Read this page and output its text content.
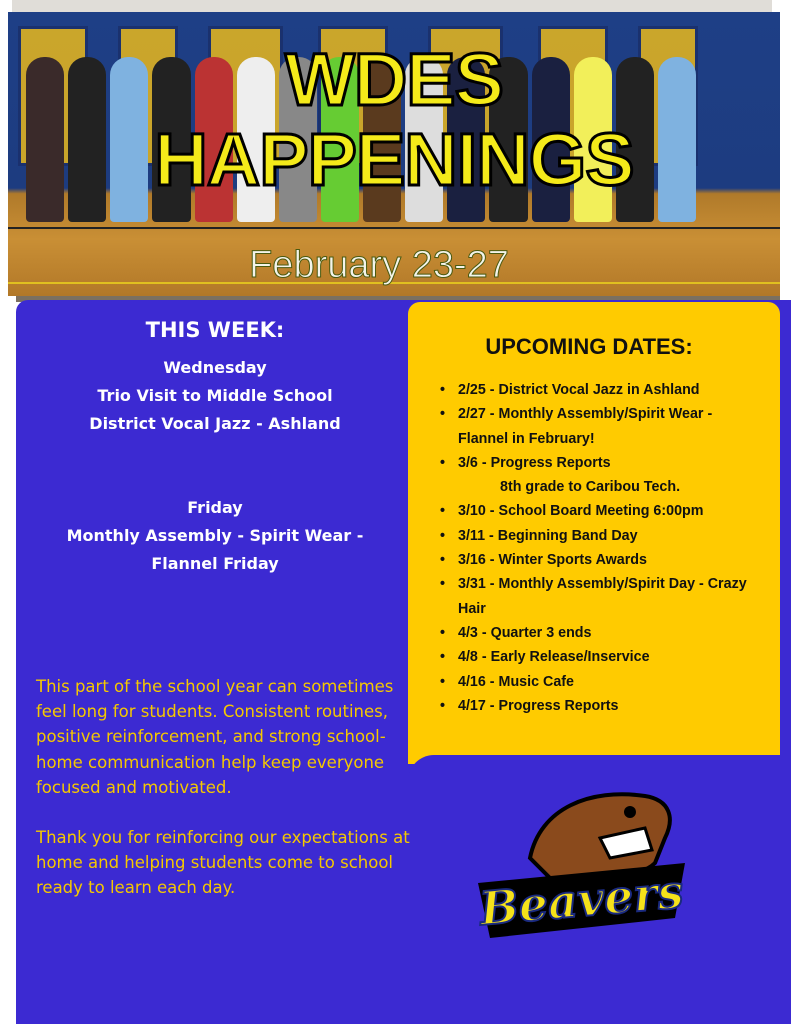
WDES
HAPPENINGS
February 23-27
THIS WEEK:

Wednesday

Trio Visit to Middle School

District Vocal Jazz - Ashland

Friday

Monthly Assembly - Spirit Wear -

Flannel Friday

UPCOMING DATES:
• 2/25 - District Vocal Jazz in Ashland
• 2/27 - Monthly Assembly/Spirit Wear - Flannel in February!
• 3/6 - Progress Reports
8th grade to Caribou Tech.
• 3/10 - School Board Meeting 6:00pm
• 3/11 - Beginning Band Day
• 3/16 - Winter Sports Awards
• 3/31 - Monthly Assembly/Spirit Day - Crazy Hair
• 4/3 - Quarter 3 ends
• 4/8 - Early Release/Inservice
• 4/16 - Music Cafe
• 4/17 - Progress Reports

This part of the school year can sometimes feel long for students. Consistent routines, positive reinforcement, and strong school-home communication help keep everyone focused and motivated.

Thank you for reinforcing our expectations at home and helping students come to school ready to learn each day.	Beavers
